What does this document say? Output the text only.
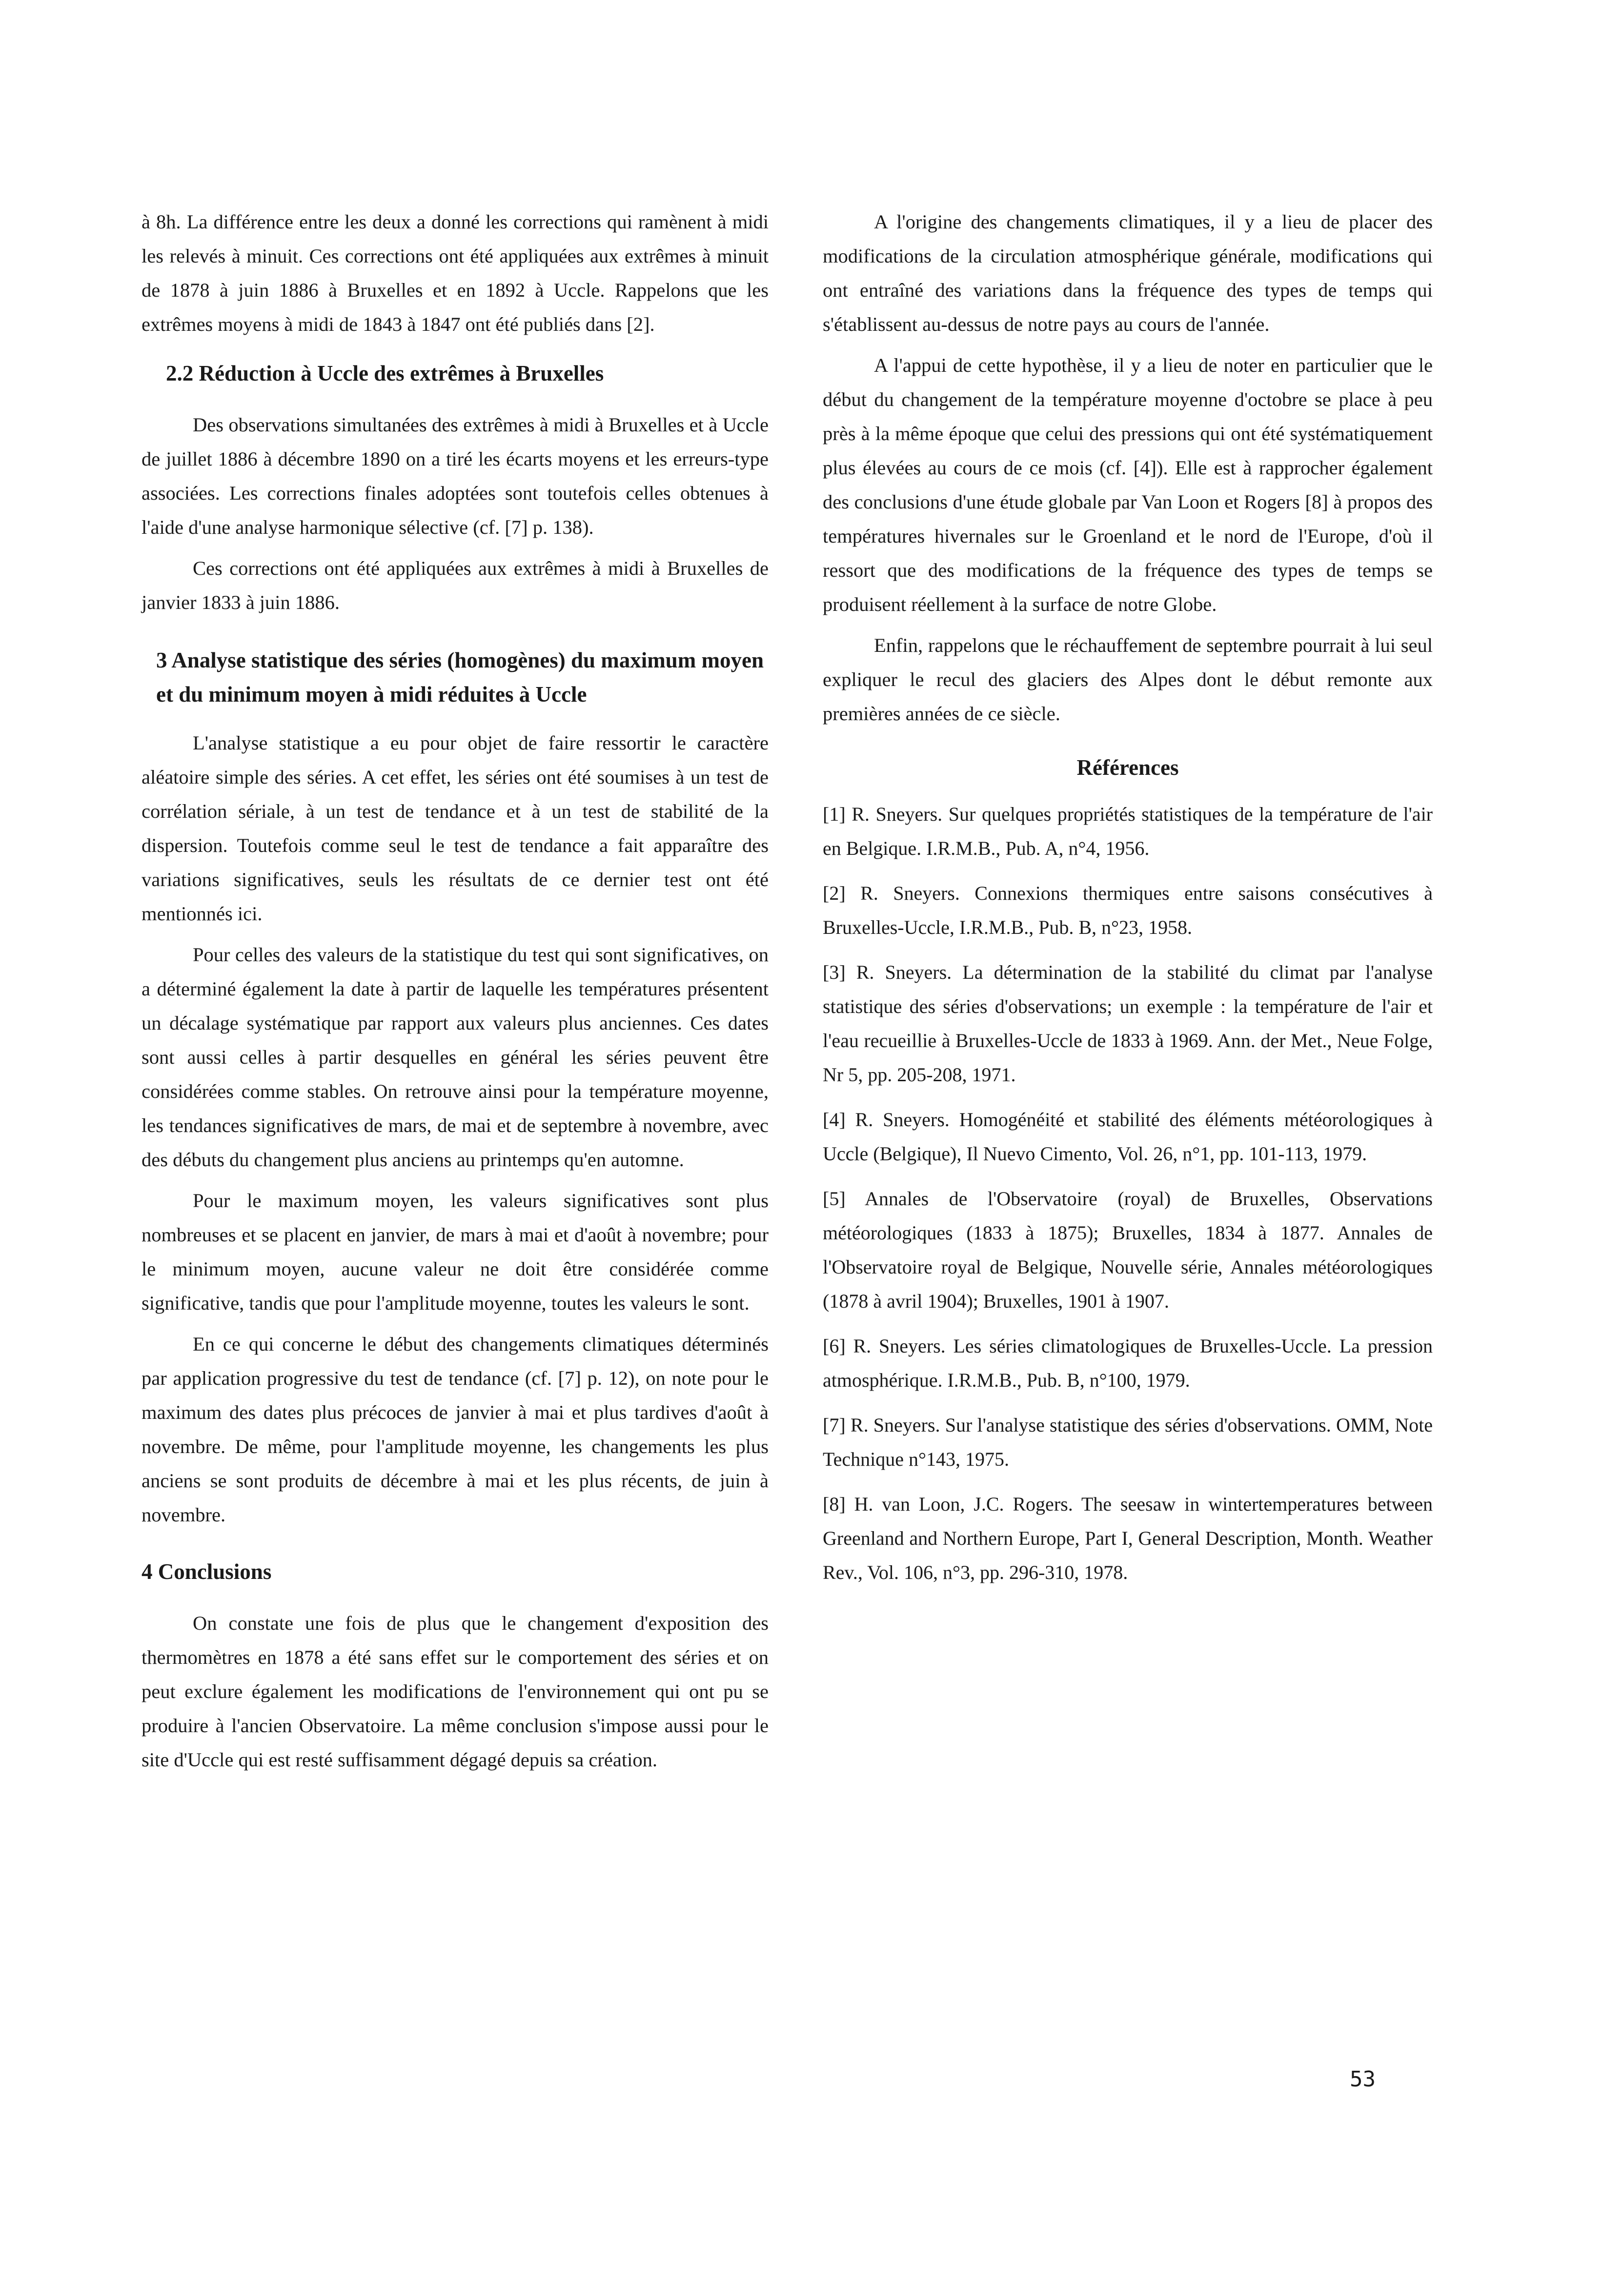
à 8h. La différence entre les deux a donné les corrections qui ramènent à midi les relevés à minuit. Ces corrections ont été appliquées aux extrêmes à minuit de 1878 à juin 1886 à Bruxelles et en 1892 à Uccle. Rappelons que les extrêmes moyens à midi de 1843 à 1847 ont été publiés dans [2].

2.2 Réduction à Uccle des extrêmes à Bruxelles

Des observations simultanées des extrêmes à midi à Bruxelles et à Uccle de juillet 1886 à décembre 1890 on a tiré les écarts moyens et les erreurs-type associées. Les corrections finales adoptées sont toutefois celles obtenues à l'aide d'une analyse harmonique sélective (cf. [7] p. 138).

Ces corrections ont été appliquées aux extrêmes à midi à Bruxelles de janvier 1833 à juin 1886.

3 Analyse statistique des séries (homogènes) du maximum moyen et du minimum moyen à midi réduites à Uccle

L'analyse statistique a eu pour objet de faire ressortir le caractère aléatoire simple des séries. A cet effet, les séries ont été soumises à un test de corrélation sériale, à un test de tendance et à un test de stabilité de la dispersion. Toutefois comme seul le test de tendance a fait apparaître des variations significatives, seuls les résultats de ce dernier test ont été mentionnés ici.

Pour celles des valeurs de la statistique du test qui sont significatives, on a déterminé également la date à partir de laquelle les températures présentent un décalage systématique par rapport aux valeurs plus anciennes. Ces dates sont aussi celles à partir desquelles en général les séries peuvent être considérées comme stables. On retrouve ainsi pour la température moyenne, les tendances significatives de mars, de mai et de septembre à novembre, avec des débuts du changement plus anciens au printemps qu'en automne.

Pour le maximum moyen, les valeurs significatives sont plus nombreuses et se placent en janvier, de mars à mai et d'août à novembre; pour le minimum moyen, aucune valeur ne doit être considérée comme significative, tandis que pour l'amplitude moyenne, toutes les valeurs le sont.

En ce qui concerne le début des changements climatiques déterminés par application progressive du test de tendance (cf. [7] p. 12), on note pour le maximum des dates plus précoces de janvier à mai et plus tardives d'août à novembre. De même, pour l'amplitude moyenne, les changements les plus anciens se sont produits de décembre à mai et les plus récents, de juin à novembre.

4 Conclusions

On constate une fois de plus que le changement d'exposition des thermomètres en 1878 a été sans effet sur le comportement des séries et on peut exclure également les modifications de l'environnement qui ont pu se produire à l'ancien Observatoire. La même conclusion s'impose aussi pour le site d'Uccle qui est resté suffisamment dégagé depuis sa création.

A l'origine des changements climatiques, il y a lieu de placer des modifications de la circulation atmosphérique générale, modifications qui ont entraîné des variations dans la fréquence des types de temps qui s'établissent au-dessus de notre pays au cours de l'année.

A l'appui de cette hypothèse, il y a lieu de noter en particulier que le début du changement de la température moyenne d'octobre se place à peu près à la même époque que celui des pressions qui ont été systématiquement plus élevées au cours de ce mois (cf. [4]). Elle est à rapprocher également des conclusions d'une étude globale par Van Loon et Rogers [8] à propos des températures hivernales sur le Groenland et le nord de l'Europe, d'où il ressort que des modifications de la fréquence des types de temps se produisent réellement à la surface de notre Globe.

Enfin, rappelons que le réchauffement de septembre pourrait à lui seul expliquer le recul des glaciers des Alpes dont le début remonte aux premières années de ce siècle.

Références
[1] R. Sneyers. Sur quelques propriétés statistiques de la température de l'air en Belgique. I.R.M.B., Pub. A, n°4, 1956.
[2] R. Sneyers. Connexions thermiques entre saisons consécutives à Bruxelles-Uccle, I.R.M.B., Pub. B, n°23, 1958.
[3] R. Sneyers. La détermination de la stabilité du climat par l'analyse statistique des séries d'observations; un exemple : la température de l'air et l'eau recueillie à Bruxelles-Uccle de 1833 à 1969. Ann. der Met., Neue Folge, Nr 5, pp. 205-208, 1971.
[4] R. Sneyers. Homogénéité et stabilité des éléments météorologiques à Uccle (Belgique), Il Nuevo Cimento, Vol. 26, n°1, pp. 101-113, 1979.
[5] Annales de l'Observatoire (royal) de Bruxelles, Observations météorologiques (1833 à 1875); Bruxelles, 1834 à 1877. Annales de l'Observatoire royal de Belgique, Nouvelle série, Annales météorologiques (1878 à avril 1904); Bruxelles, 1901 à 1907.
[6] R. Sneyers. Les séries climatologiques de Bruxelles-Uccle. La pression atmosphérique. I.R.M.B., Pub. B, n°100, 1979.
[7] R. Sneyers. Sur l'analyse statistique des séries d'observations. OMM, Note Technique n°143, 1975.
[8] H. van Loon, J.C. Rogers. The seesaw in wintertemperatures between Greenland and Northern Europe, Part I, General Description, Month. Weather Rev., Vol. 106, n°3, pp. 296-310, 1978.
53
